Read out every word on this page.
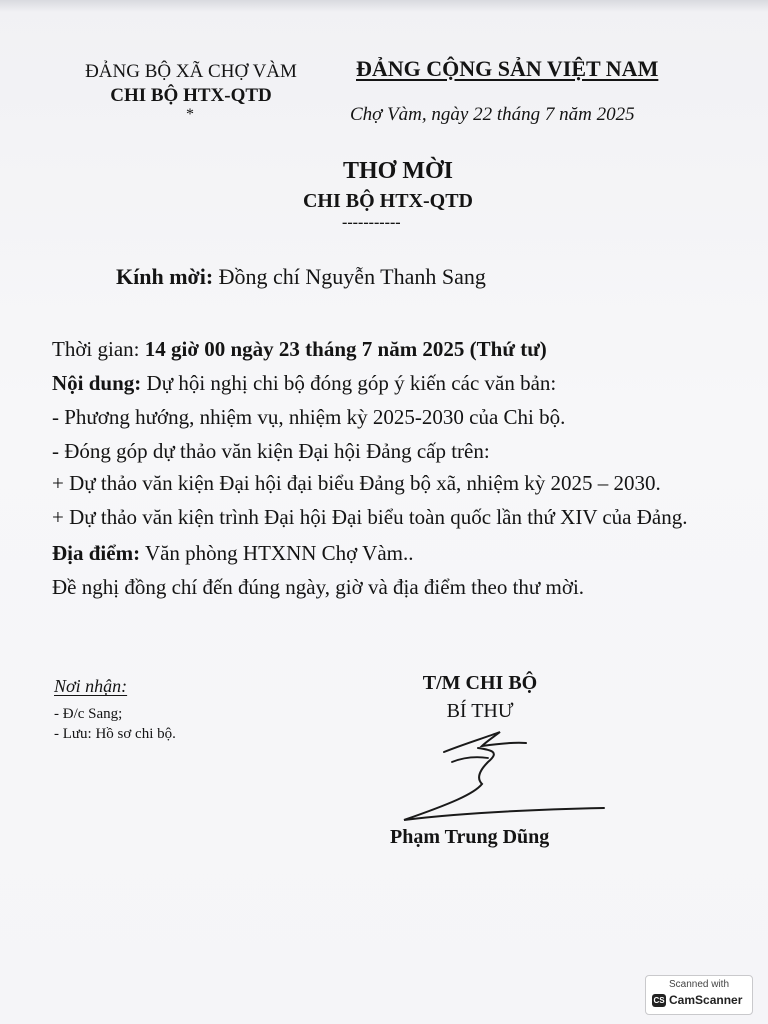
ĐẢNG BỘ XÃ CHỢ VÀM
CHI BỘ HTX-QTD
*
ĐẢNG CỘNG SẢN VIỆT NAM
Chợ Vàm, ngày 22 tháng 7 năm 2025
THƠ MỜI
CHI BỘ HTX-QTD
-----------
Kính mời: Đồng chí Nguyễn Thanh Sang

Thời gian: 14 giờ 00 ngày 23 tháng 7 năm 2025 (Thứ tư)

Nội dung: Dự hội nghị chi bộ đóng góp ý kiến các văn bản:

- Phương hướng, nhiệm vụ, nhiệm kỳ 2025-2030 của Chi bộ.

- Đóng góp dự thảo văn kiện Đại hội Đảng cấp trên:

+ Dự thảo văn kiện Đại hội đại biểu Đảng bộ xã, nhiệm kỳ 2025 – 2030.

+ Dự thảo văn kiện trình Đại hội Đại biểu toàn quốc lần thứ XIV của Đảng.

Địa điểm: Văn phòng HTXNN Chợ Vàm..

Đề nghị đồng chí đến đúng ngày, giờ và địa điểm theo thư mời.

Nơi nhận:
- Đ/c Sang;
- Lưu: Hồ sơ chi bộ.
T/M CHI BỘ
BÍ THƯ
Phạm Trung Dũng
Scanned with
CS CamScanner
